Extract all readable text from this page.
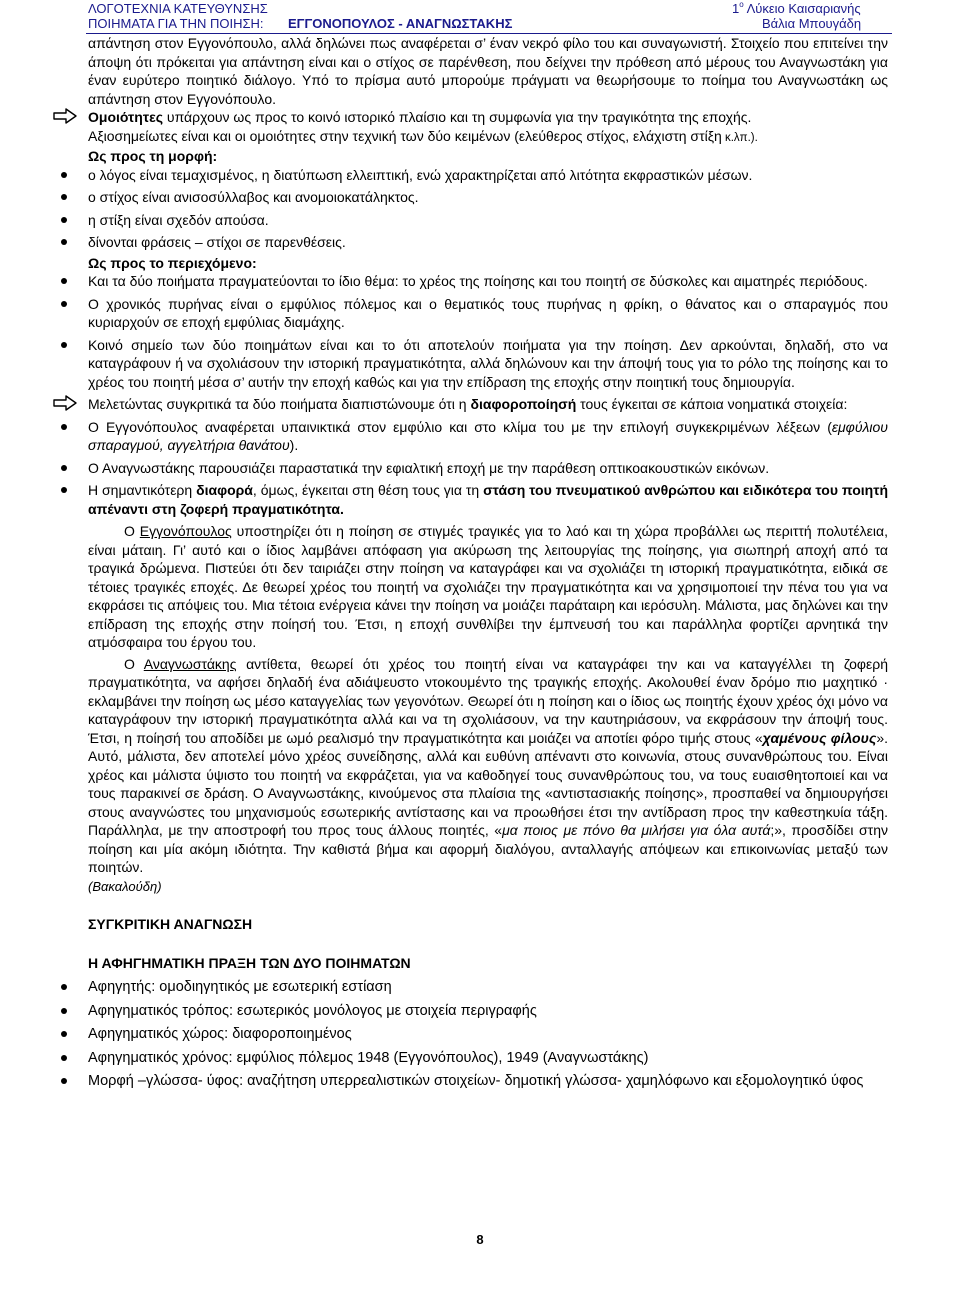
ΛΟΓΟΤΕΧΝΙΑ ΚΑΤΕΥΘΥΝΣΗΣ
ΠΟΙΗΜΑΤΑ ΓΙΑ ΤΗΝ ΠΟΙΗΣΗ: ΕΓΓΟΝΟΠΟΥΛΟΣ - ΑΝΑΓΝΩΣΤΑΚΗΣ
$1^o$ Λύκειο Καισαριανής
Βάλια Μπουγάδη

απάντηση στον Εγγονόπουλο, αλλά δηλώνει πως αναφέρεται σ’ έναν νεκρό φίλο του και συναγωνιστή. Στοιχείο που επιτείνει την άποψη ότι πρόκειται για απάντηση είναι και ο στίχος σε παρένθεση, που δείχνει την πρόθεση από μέρους του Αναγνωστάκη για έναν ευρύτερο ποιητικό διάλογο. Υπό το πρίσμα αυτό μπορούμε πράγματι να θεωρήσουμε το ποίημα του Αναγνωστάκη ως απάντηση στον Εγγονόπουλο.

Ομοιότητες υπάρχουν ως προς το κοινό ιστορικό πλαίσιο και τη συμφωνία για την τραγικότητα της εποχής.

Αξιοσημείωτες είναι και οι ομοιότητες στην τεχνική των δύο κειμένων (ελεύθερος στίχος, ελάχιστη στίξη κ.λπ.).

Ως προς τη μορφή:

ο λόγος είναι τεμαχισμένος, η διατύπωση ελλειπτική, ενώ χαρακτηρίζεται από λιτότητα εκφραστικών μέσων.
ο στίχος είναι ανισοσύλλαβος και ανομοιοκατάληκτος.
η στίξη είναι σχεδόν απούσα.
δίνονται φράσεις – στίχοι σε παρενθέσεις.

Ως προς το περιεχόμενο:

Και τα δύο ποιήματα πραγματεύονται το ίδιο θέμα: το χρέος της ποίησης και του ποιητή σε δύσκολες και αιματηρές περιόδους.
Ο χρονικός πυρήνας είναι ο εμφύλιος πόλεμος και ο θεματικός τους πυρήνας η φρίκη, ο θάνατος και ο σπαραγμός που κυριαρχούν σε εποχή εμφύλιας διαμάχης.
Κοινό σημείο των δύο ποιημάτων είναι και το ότι αποτελούν ποιήματα για την ποίηση. Δεν αρκούνται, δηλαδή, στο να καταγράφουν ή να σχολιάσουν την ιστορική πραγματικότητα, αλλά δηλώνουν και την άποψή τους για το ρόλο της ποίησης και το χρέος του ποιητή μέσα σ’ αυτήν την εποχή καθώς και για την επίδραση της εποχής στην ποιητική τους δημιουργία.

Μελετώντας συγκριτικά τα δύο ποιήματα διαπιστώνουμε ότι η διαφοροποίησή τους έγκειται σε κάποια νοηματικά στοιχεία:

Ο Εγγονόπουλος αναφέρεται υπαινικτικά στον εμφύλιο και στο κλίμα του με την επιλογή συγκεκριμένων λέξεων (εμφύλιου σπαραγμού, αγγελτήρια θανάτου).
Ο Αναγνωστάκης παρουσιάζει παραστατικά την εφιαλτική εποχή με την παράθεση οπτικοακουστικών εικόνων.
Η σημαντικότερη διαφορά, όμως, έγκειται στη θέση τους για τη στάση του πνευματικού ανθρώπου και ειδικότερα του ποιητή απέναντι στη ζοφερή πραγματικότητα.

Ο Εγγονόπουλος υποστηρίζει ότι η ποίηση σε στιγμές τραγικές για το λαό και τη χώρα προβάλλει ως περιττή πολυτέλεια, είναι μάταιη. Γι’ αυτό και ο ίδιος λαμβάνει απόφαση για ακύρωση της λειτουργίας της ποίησης, για σιωπηρή αποχή από τα τραγικά δρώμενα. Πιστεύει ότι δεν ταιριάζει στην ποίηση να καταγράφει και να σχολιάζει τη ιστορική πραγματικότητα, ειδικά σε τέτοιες τραγικές εποχές. Δε θεωρεί χρέος του ποιητή να σχολιάζει την πραγματικότητα και να χρησιμοποιεί την πένα του για να εκφράσει τις απόψεις του. Μια τέτοια ενέργεια κάνει την ποίηση να μοιάζει παράταιρη και ιερόσυλη. Μάλιστα, μας δηλώνει και την επίδραση της εποχής στην ποίησή του. Έτσι, η εποχή συνθλίβει την έμπνευσή του και παράλληλα φορτίζει αρνητικά την ατμόσφαιρα του έργου του.

Ο Αναγνωστάκης αντίθετα, θεωρεί ότι χρέος του ποιητή είναι να καταγράφει την και να καταγγέλλει τη ζοφερή πραγματικότητα, να αφήσει δηλαδή ένα αδιάψευστο ντοκουμέντο της τραγικής εποχής. Ακολουθεί έναν δρόμο πιο μαχητικό · εκλαμβάνει την ποίηση ως μέσο καταγγελίας των γεγονότων. Θεωρεί ότι η ποίηση και ο ίδιος ως ποιητής έχουν χρέος όχι μόνο να καταγράφουν την ιστορική πραγματικότητα αλλά και να τη σχολιάσουν, να την καυτηριάσουν, να εκφράσουν την άποψή τους. Έτσι, η ποίησή του αποδίδει με ωμό ρεαλισμό την πραγματικότητα και μοιάζει να αποτίει φόρο τιμής στους «χαμένους φίλους». Αυτό, μάλιστα, δεν αποτελεί μόνο χρέος συνείδησης, αλλά και ευθύνη απέναντι στο κοινωνία, στους συνανθρώπους του. Είναι χρέος και μάλιστα ύψιστο του ποιητή να εκφράζεται, για να καθοδηγεί τους συνανθρώπους του, να τους ευαισθητοποιεί και να τους παρακινεί σε δράση. Ο Αναγνωστάκης, κινούμενος στα πλαίσια της «αντιστασιακής ποίησης», προσπαθεί να δημιουργήσει στους αναγνώστες του μηχανισμούς εσωτερικής αντίστασης και να προωθήσει έτσι την αντίδραση προς την καθεστηκυία τάξη. Παράλληλα, με την αποστροφή του προς τους άλλους ποιητές, «μα ποιος με πόνο θα μιλήσει για όλα αυτά;», προσδίδει στην ποίηση και μία ακόμη ιδιότητα. Την καθιστά βήμα και αφορμή διαλόγου, ανταλλαγής απόψεων και επικοινωνίας μεταξύ των ποιητών.

(Βακαλούδη)

ΣΥΓΚΡΙΤΙΚΗ ΑΝΑΓΝΩΣΗ

Η ΑΦΗΓΗΜΑΤΙΚΗ ΠΡΑΞΗ ΤΩΝ ΔΥΟ ΠΟΙΗΜΑΤΩΝ

Αφηγητής: ομοδιηγητικός με εσωτερική εστίαση
Αφηγηματικός τρόπος: εσωτερικός μονόλογος με στοιχεία περιγραφής
Αφηγηματικός χώρος: διαφοροποιημένος
Αφηγηματικός χρόνος: εμφύλιος πόλεμος 1948 (Εγγονόπουλος), 1949 (Αναγνωστάκης)
Μορφή –γλώσσα- ύφος: αναζήτηση υπερρεαλιστικών στοιχείων- δημοτική γλώσσα- χαμηλόφωνο και εξομολογητικό ύφος
8
